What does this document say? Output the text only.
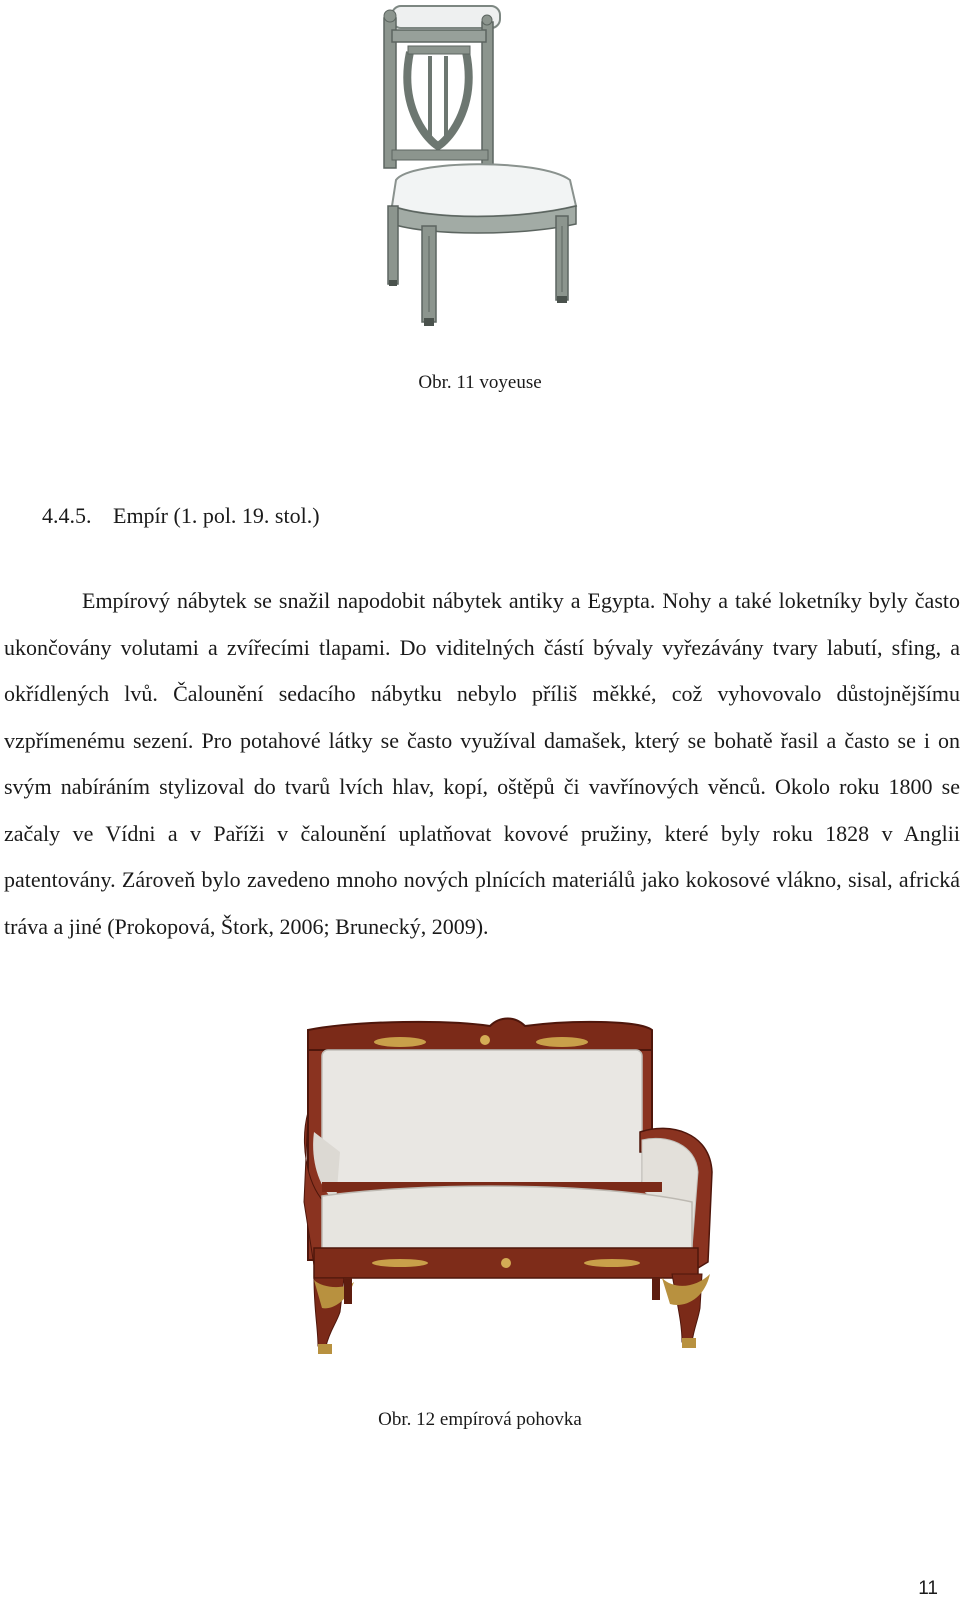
Obr. 11 voyeuse
4.4.5. Empír (1. pol. 19. stol.)
Empírový nábytek se snažil napodobit nábytek antiky a Egypta. Nohy a také loketníky byly často ukončovány volutami a zvířecími tlapami. Do viditelných částí bývaly vyřezávány tvary labutí, sfing, a okřídlených lvů. Čalounění sedacího nábytku nebylo příliš měkké, což vyhovovalo důstojnějšímu vzpřímenému sezení. Pro potahové látky se často využíval damašek, který se bohatě řasil a často se i on svým nabíráním stylizoval do tvarů lvích hlav, kopí, oštěpů či vavřínových věnců. Okolo roku 1800 se začaly ve Vídni a v Paříži v čalounění uplatňovat kovové pružiny, které byly roku 1828 v Anglii patentovány. Zároveň bylo zavedeno mnoho nových plnících materiálů jako kokosové vlákno, sisal, africká tráva a jiné (Prokopová, Štork, 2006; Brunecký, 2009).
Obr. 12 empírová pohovka
11
